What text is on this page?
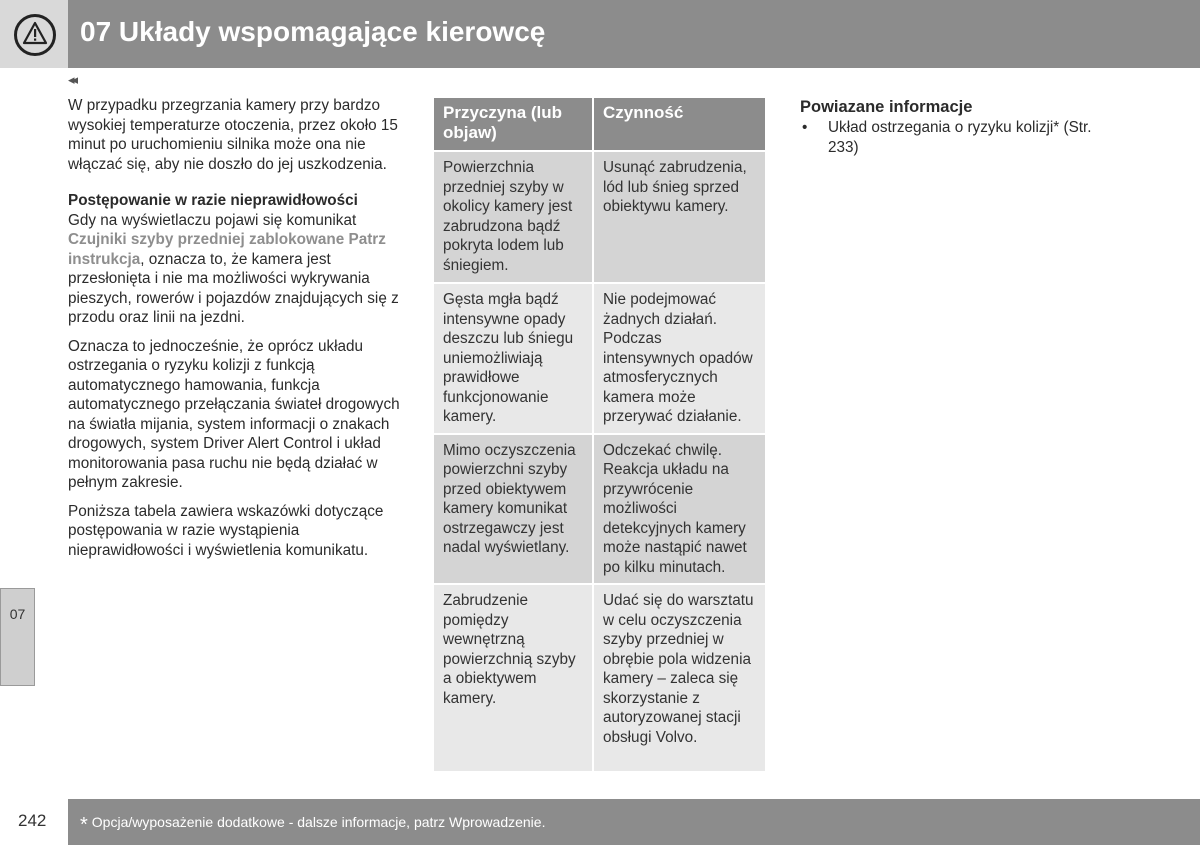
07 Układy wspomagające kierowcę
◂◂

W przypadku przegrzania kamery przy bardzo wysokiej temperaturze otoczenia, przez około 15 minut po uruchomieniu silnika może ona nie włączać się, aby nie doszło do jej uszkodzenia.

Postępowanie w razie nieprawidłowości

Gdy na wyświetlaczu pojawi się komunikat
Czujniki szyby przedniej zablokowane Patrz instrukcja, oznacza to, że kamera jest przesłonięta i nie ma możliwości wykrywania pieszych, rowerów i pojazdów znajdujących się z przodu oraz linii na jezdni.

Oznacza to jednocześnie, że oprócz układu ostrzegania o ryzyku kolizji z funkcją automatycznego hamowania, funkcja automatycznego przełączania świateł drogowych na światła mijania, system informacji o znakach drogowych, system Driver Alert Control i układ monitorowania pasa ruchu nie będą działać w pełnym zakresie.

Poniższa tabela zawiera wskazówki dotyczące postępowania w razie wystąpienia nieprawidłowości i wyświetlenia komunikatu.

Przyczyna (lub objaw)	Czynność
Powierzchnia przedniej szyby w okolicy kamery jest zabrudzona bądź pokryta lodem lub śniegiem.	Usunąć zabrudzenia, lód lub śnieg sprzed obiektywu kamery.
Gęsta mgła bądź intensywne opady deszczu lub śniegu uniemożliwiają prawidłowe funkcjonowanie kamery.	Nie podejmować żadnych działań. Podczas intensywnych opadów atmosferycznych kamera może przerywać działanie.
Mimo oczyszczenia powierzchni szyby przed obiektywem kamery komunikat ostrzegawczy jest nadal wyświetlany.	Odczekać chwilę. Reakcja układu na przywrócenie możliwości detekcyjnych kamery może nastąpić nawet po kilku minutach.
Zabrudzenie pomiędzy wewnętrzną powierzchnią szyby a obiektywem kamery.	Udać się do warsztatu w celu oczyszczenia szyby przedniej w obrębie pola widzenia kamery – zaleca się skorzystanie z autoryzowanej stacji obsługi Volvo.
Powiazane informacje
• Układ ostrzegania o ryzyku kolizji* (Str. 233)
07
242 * Opcja/wyposażenie dodatkowe - dalsze informacje, patrz Wprowadzenie.
